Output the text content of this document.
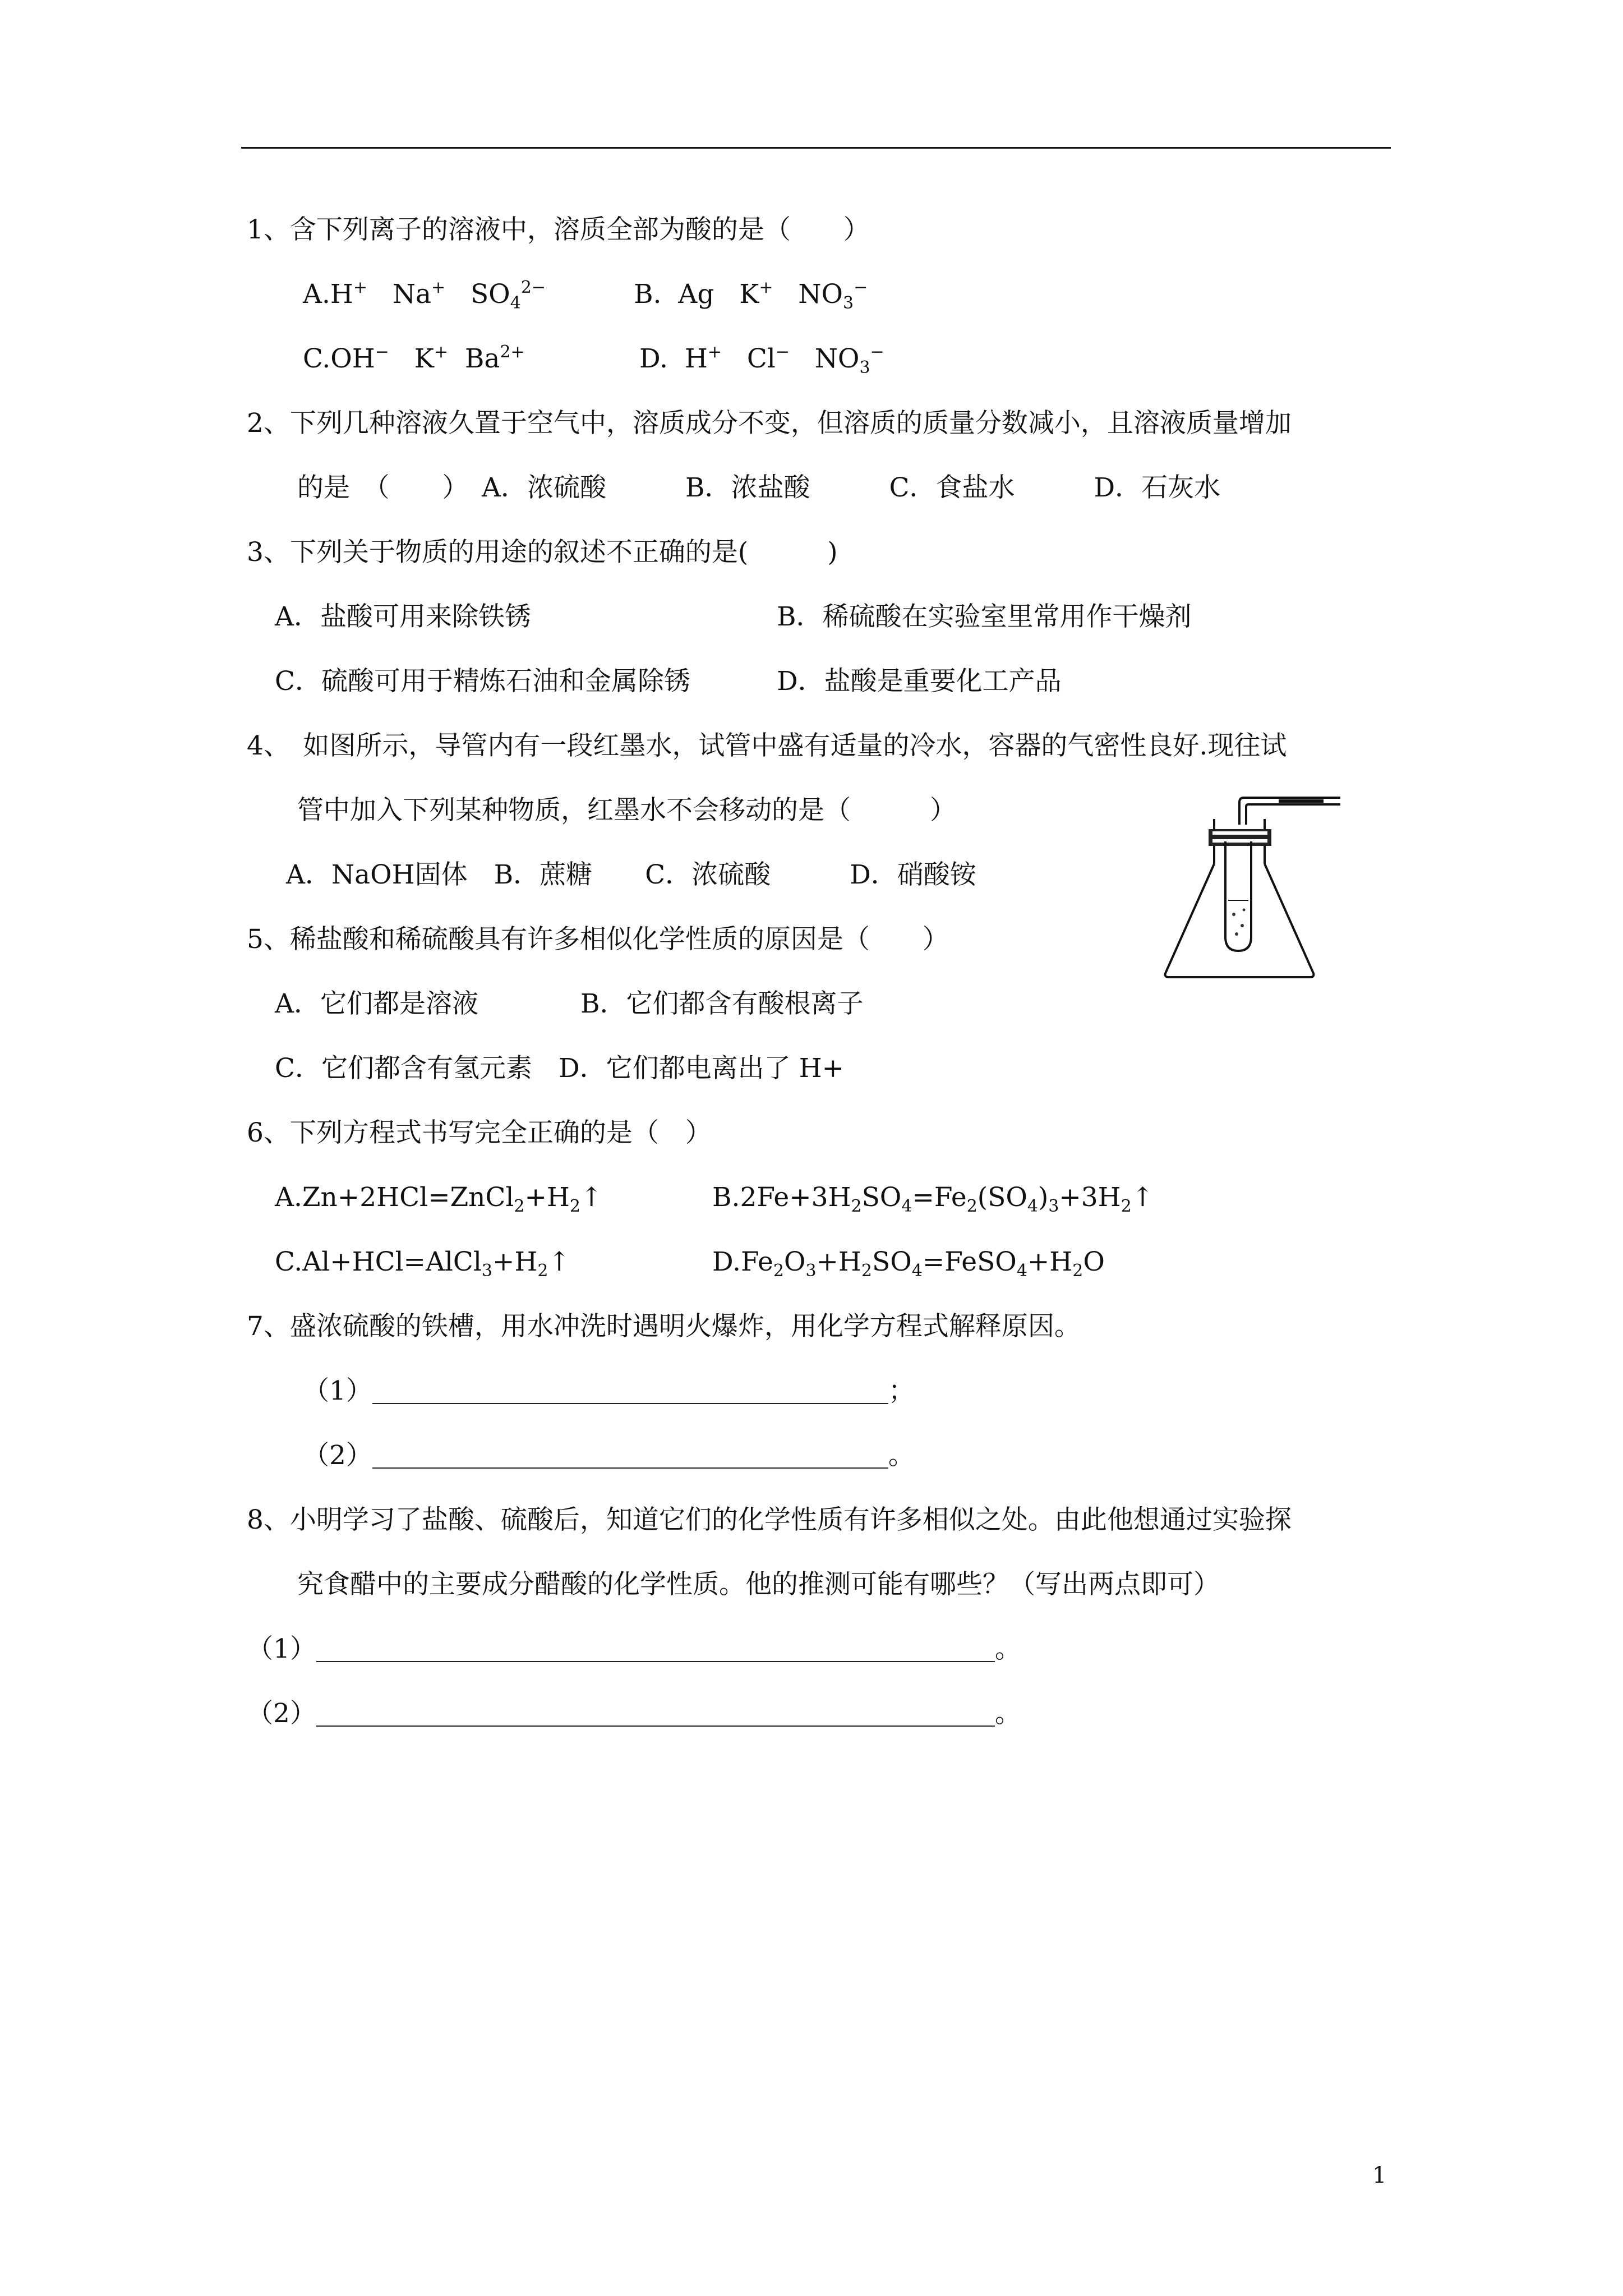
1、含下列离子的溶液中，溶质全部为酸的是（　　）
A.H+ Na+ $SO_4^{2-}$	B. Ag K+ $NO_3^-$
C.OH− K+ $Ba^{2+}$	D. H+ Cl− $NO_3^-$
2、下列几种溶液久置于空气中，溶质成分不变，但溶质的质量分数减小，且溶液质量增加
的是　（　　）　A．浓硫酸　　　B．浓盐酸　　　C．食盐水　　　D．石灰水
3、下列关于物质的用途的叙述不正确的是(　　　)
A．盐酸可用来除铁锈	B．稀硫酸在实验室里常用作干燥剂
C．硫酸可用于精炼石油和金属除锈	D．盐酸是重要化工产品
4、　如图所示，导管内有一段红墨水，试管中盛有适量的冷水，容器的气密性良好.现往试
管中加入下列某种物质，红墨水不会移动的是（　　　）
A．NaOH固体　B．蔗糖　　C．浓硫酸　　　D．硝酸铵
5、稀盐酸和稀硫酸具有许多相似化学性质的原因是（　　）
A．它们都是溶液	B．它们都含有酸根离子
C．它们都含有氢元素　D．它们都电离出了 H+
6、下列方程式书写完全正确的是（　）
$A.Zn+2HCl=ZnCl_2+H_2↑$	$B.2Fe+3H_2SO_4=Fe_2(SO_4)_3+3H_2↑$
$C.Al+HCl=AlCl_3+H_2↑$	$D.Fe_2O_3+H_2SO_4=FeSO_4+H_2O$
7、盛浓硫酸的铁槽，用水冲洗时遇明火爆炸，用化学方程式解释原因。
（1）	；
（2）	。
8、小明学习了盐酸、硫酸后，知道它们的化学性质有许多相似之处。由此他想通过实验探
究食醋中的主要成分醋酸的化学性质。他的推测可能有哪些？（写出两点即可）
（1）	。
（2）	。
1
